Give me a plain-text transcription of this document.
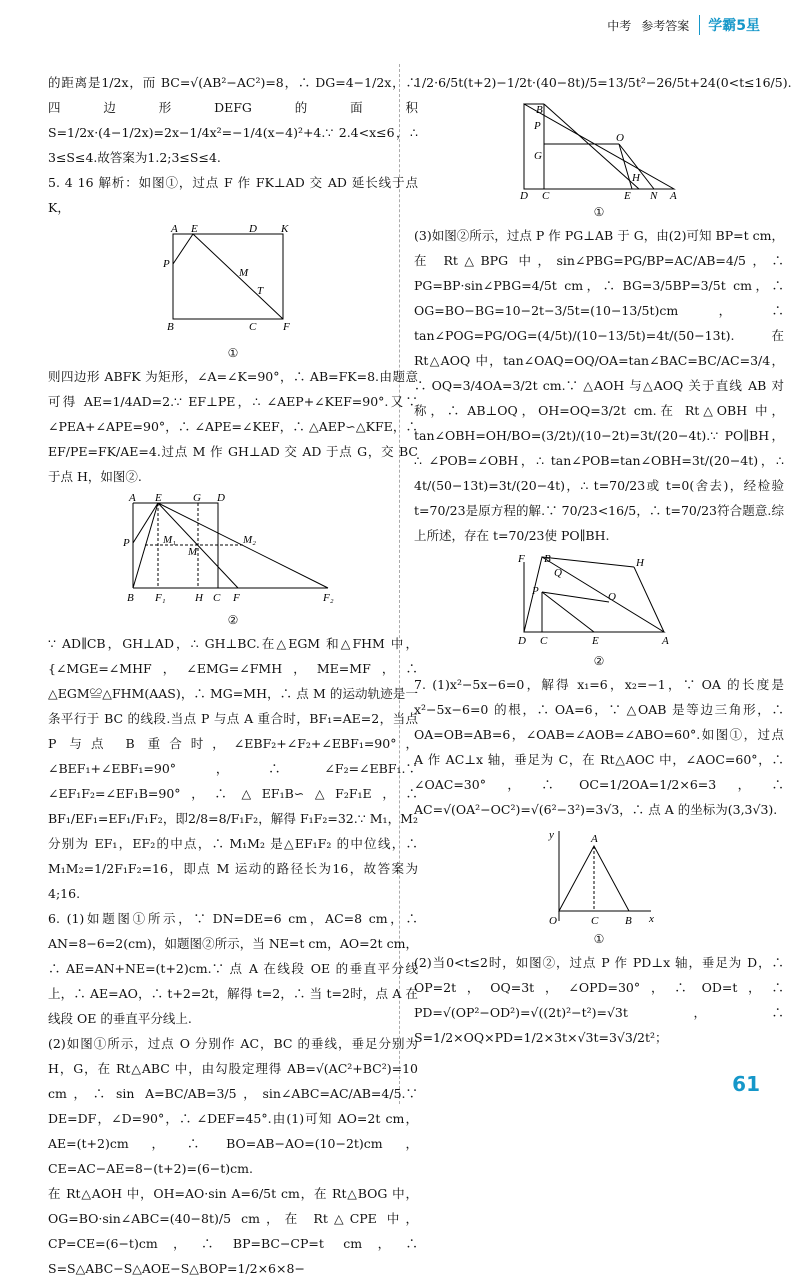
中考 参考答案	学霸5星

的距离是1/2x，而 BC=√(AB²−AC²)=8，∴ DG=4−1/2x，∴ 四边形DEFG的面积 S=1/2x·(4−1/2x)=2x−1/4x²=−1/4(x−4)²+4.∵ 2.4<x≤6，∴ 3≤S≤4.故答案为1.2;3≤S≤4.

5. 4 16 解析：如图①，过点 F 作 FK⊥AD 交 AD 延长线于点 K，

A E	D K
P
M
T
B	C F
①

则四边形 ABFK 为矩形，∠A=∠K=90°，∴ AB=FK=8.由题意可得 AE=1/4AD=2.∵ EF⊥PE，∴ ∠AEP+∠KEF=90°.又∵ ∠PEA+∠APE=90°，∴ ∠APE=∠KEF，∴ △AEP∽△KFE，∴ EF/PE=FK/AE=4.过点 M 作 GH⊥AD 交 AD 于点 G，交 BC 于点 H，如图②.

A E	G D
P	M₁
M
M₂
B F₁	H C F	F₂
②

∵ AD∥CB，GH⊥AD，∴ GH⊥BC.在△EGM 和△FHM 中，{∠MGE=∠MHF，∠EMG=∠FMH，ME=MF，∴ △EGM≌△FHM(AAS)，∴ MG=MH，∴ 点 M 的运动轨迹是一条平行于 BC 的线段.当点 P 与点 A 重合时，BF₁=AE=2，当点 P 与点 B 重合时，∠EBF₂+∠F₂+∠EBF₁=90°，∠BEF₁+∠EBF₁=90°，∴ ∠F₂=∠EBF₁.∵ ∠EF₁F₂=∠EF₁B=90°，∴ △EF₁B∽△F₂F₁E，∴ BF₁/EF₁=EF₁/F₁F₂，即2/8=8/F₁F₂，解得 F₁F₂=32.∵ M₁，M₂ 分别为 EF₁，EF₂的中点，∴ M₁M₂ 是△EF₁F₂ 的中位线，∴ M₁M₂=1/2F₁F₂=16，即点 M 运动的路径长为16，故答案为4;16.

6. (1)如题图①所示，∵ DN=DE=6 cm，AC=8 cm，∴ AN=8−6=2(cm)，如题图②所示，当 NE=t cm，AO=2t cm，∴ AE=AN+NE=(t+2)cm.∵ 点 A 在线段 OE 的垂直平分线上，∴ AE=AO，∴ t+2=2t，解得 t=2，∴ 当 t=2时，点 A 在线段 OE 的垂直平分线上.

(2)如图①所示，过点 O 分别作 AC，BC 的垂线，垂足分别为 H，G，在 Rt△ABC 中，由勾股定理得 AB=√(AC²+BC²)=10 cm，∴ sin A=BC/AB=3/5，sin∠ABC=AC/AB=4/5.∵ DE=DF，∠D=90°，∴ ∠DEF=45°.由(1)可知 AO=2t cm，AE=(t+2)cm，∴ BO=AB−AO=(10−2t)cm，CE=AC−AE=8−(t+2)=(6−t)cm.

在 Rt△AOH 中，OH=AO·sin A=6/5t cm，在 Rt△BOG 中，OG=BO·sin∠ABC=(40−8t)/5 cm，在 Rt△CPE 中，CP=CE=(6−t)cm，∴ BP=BC−CP=t cm，∴ S=S△ABC−S△AOE−S△BOP=1/2×6×8−

1/2·6/5t(t+2)−1/2t·(40−8t)/5=13/5t²−26/5t+24(0<t≤16/5).

B
P
G
O
D C	E
H
N A
①

(3)如图②所示，过点 P 作 PG⊥AB 于 G，由(2)可知 BP=t cm，在 Rt△BPG 中，sin∠PBG=PG/BP=AC/AB=4/5，∴ PG=BP·sin∠PBG=4/5t cm，∴ BG=3/5BP=3/5t cm，∴ OG=BO−BG=10−2t−3/5t=(10−13/5t)cm，∴ tan∠POG=PG/OG=(4/5t)/(10−13/5t)=4t/(50−13t).在 Rt△AOQ 中，tan∠OAQ=OQ/OA=tan∠BAC=BC/AC=3/4，∴ OQ=3/4OA=3/2t cm.∵ △AOH 与△AOQ 关于直线 AB 对称，∴ AB⊥OQ，OH=OQ=3/2t cm.在 Rt△OBH 中，tan∠OBH=OH/BO=(3/2t)/(10−2t)=3t/(20−4t).∵ PO∥BH，∴ ∠POB=∠OBH，∴ tan∠POB=tan∠OBH=3t/(20−4t)，∴ 4t/(50−13t)=3t/(20−4t)，∴ t=70/23或 t=0(舍去)，经检验 t=70/23是原方程的解.∵ 70/23<16/5，∴ t=70/23符合题意.综上所述，存在 t=70/23使 PO∥BH.

F B	H
P
Q
O
D C	E	A
②

7. (1)x²−5x−6=0，解得 x₁=6，x₂=−1，∵ OA 的长度是 x²−5x−6=0 的根，∴ OA=6，∵ △OAB 是等边三角形，∴ OA=OB=AB=6，∠OAB=∠AOB=∠ABO=60°.如图①，过点 A 作 AC⊥x 轴，垂足为 C，在 Rt△AOC 中，∠AOC=60°，∴ ∠OAC=30°，∴ OC=1/2OA=1/2×6=3，∴ AC=√(OA²−OC²)=√(6²−3²)=3√3，∴ 点 A 的坐标为(3,3√3).

y	A
O	C B x
①

(2)当0<t≤2时，如图②，过点 P 作 PD⊥x 轴，垂足为 D，∴ OP=2t，OQ=3t，∠OPD=30°，∴ OD=t，∴ PD=√(OP²−OD²)=√((2t)²−t²)=√3t，∴ S=1/2×OQ×PD=1/2×3t×√3t=3√3/2t²；

61
